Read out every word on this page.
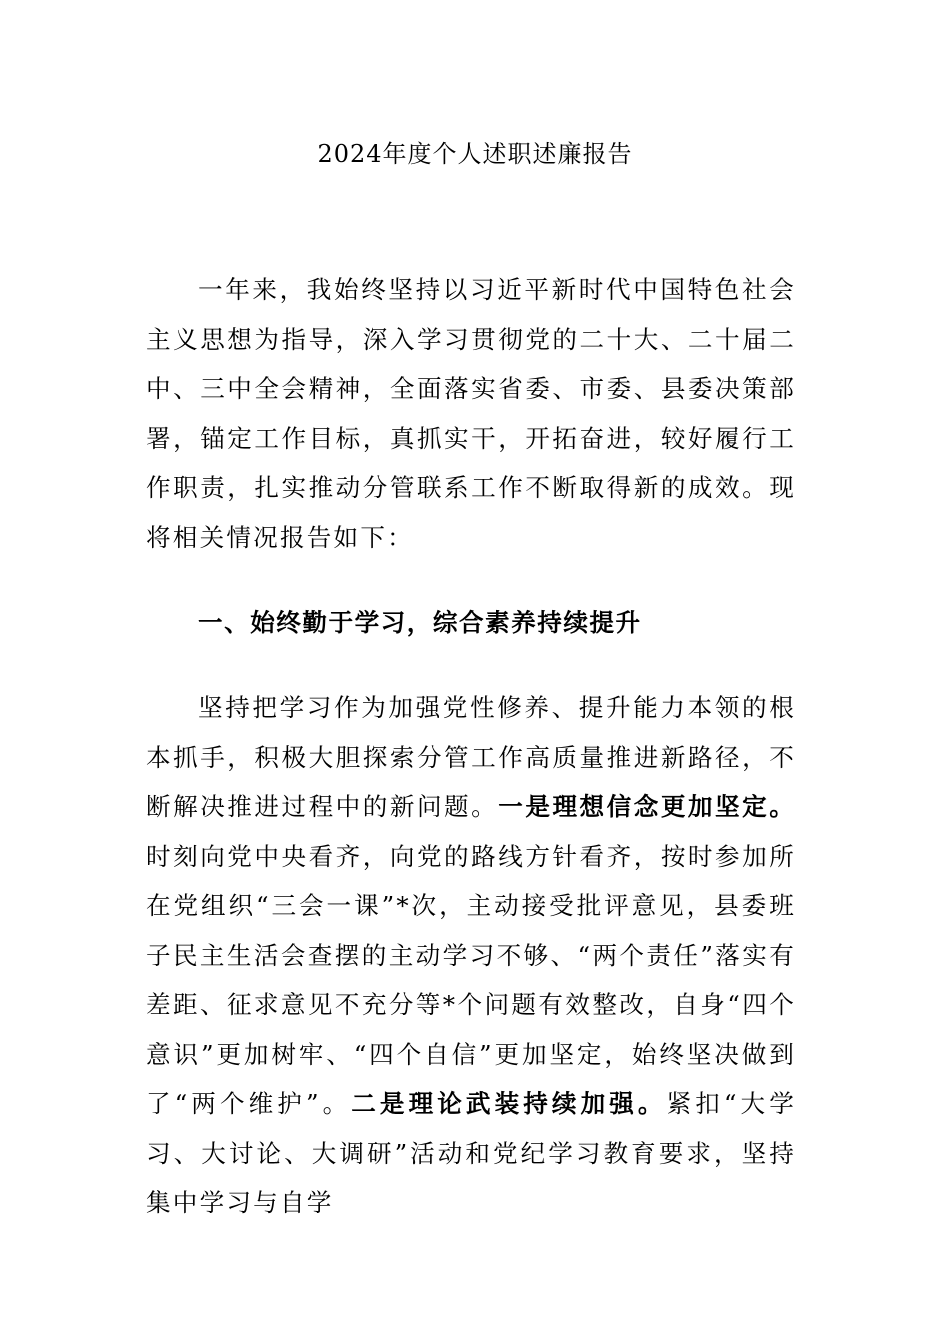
2024年度个人述职述廉报告

一年来，我始终坚持以习近平新时代中国特色社会主义思想为指导，深入学习贯彻党的二十大、二十届二中、三中全会精神，全面落实省委、市委、县委决策部署，锚定工作目标，真抓实干，开拓奋进，较好履行工作职责，扎实推动分管联系工作不断取得新的成效。现将相关情况报告如下：

一、始终勤于学习，综合素养持续提升

坚持把学习作为加强党性修养、提升能力本领的根本抓手，积极大胆探索分管工作高质量推进新路径，不断解决推进过程中的新问题。一是理想信念更加坚定。时刻向党中央看齐，向党的路线方针看齐，按时参加所在党组织“三会一课”*次，主动接受批评意见，县委班子民主生活会查摆的主动学习不够、“两个责任”落实有差距、征求意见不充分等*个问题有效整改，自身“四个意识”更加树牢、“四个自信”更加坚定，始终坚决做到了“两个维护”。二是理论武装持续加强。紧扣“大学习、大讨论、大调研”活动和党纪学习教育要求，坚持集中学习与自学
